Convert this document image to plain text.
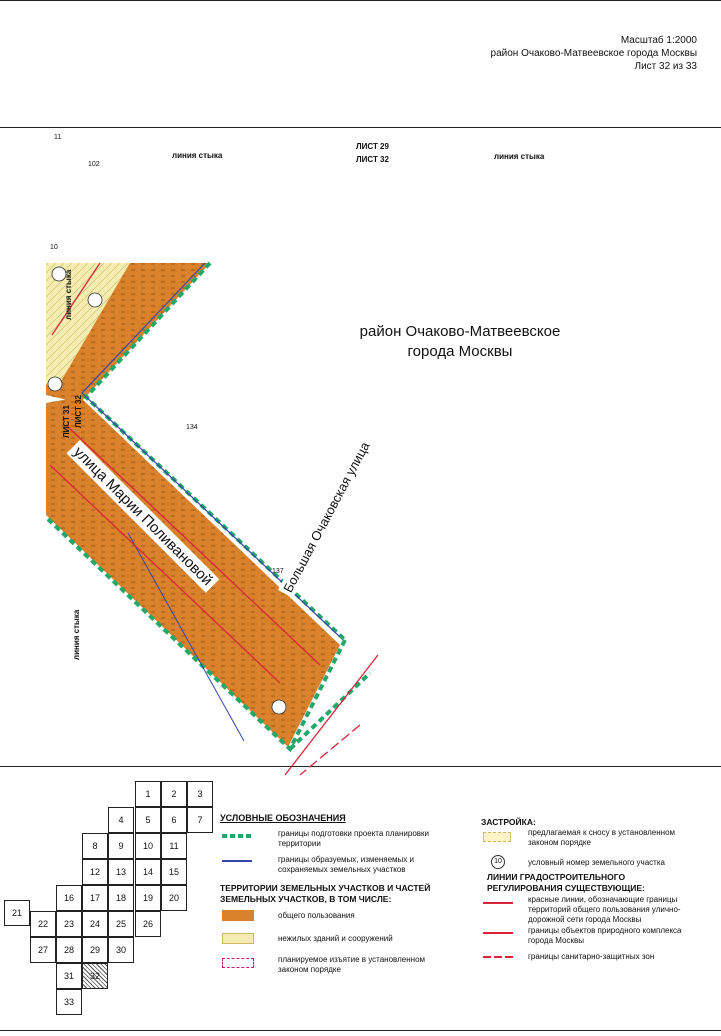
Масштаб 1:2000
район Очаково-Матвеевское города Москвы
Лист 32 из 33
11
102
10
134
137
ЛИСТ 29
ЛИСТ 32
линия стыка	линия стыка
линия стыка
линия стыка
ЛИСТ 31 ЛИСТ 32
район Очаково-Матвеевское
города Москвы
улица Марии Поливановой	Большая Очаковская улица
1	2	3
4	5	6	7
8	9	10	11
12	13	14	15
16	17	18	19	20
21
22	23	24	25	26
27	28	29	30
31	32
33
УСЛОВНЫЕ ОБОЗНАЧЕНИЯ
границы подготовки проекта планировки территории
границы образуемых, изменяемых и сохраняемых земельных участков
ТЕРРИТОРИИ ЗЕМЕЛЬНЫХ УЧАСТКОВ И ЧАСТЕЙ ЗЕМЕЛЬНЫХ УЧАСТКОВ, В ТОМ ЧИСЛЕ:
общего пользования
нежилых зданий и сооружений
планируемое изъятие в установленном законом порядке
ЗАСТРОЙКА:
предлагаемая к сносу в установленном законом порядке
10	условный номер земельного участка
ЛИНИИ ГРАДОСТРОИТЕЛЬНОГО РЕГУЛИРОВАНИЯ СУЩЕСТВУЮЩИЕ:
красные линии, обозначающие границы территорий общего пользования улично-дорожной сети города Москвы
границы объектов природного комплекса города Москвы
границы санитарно-защитных зон
